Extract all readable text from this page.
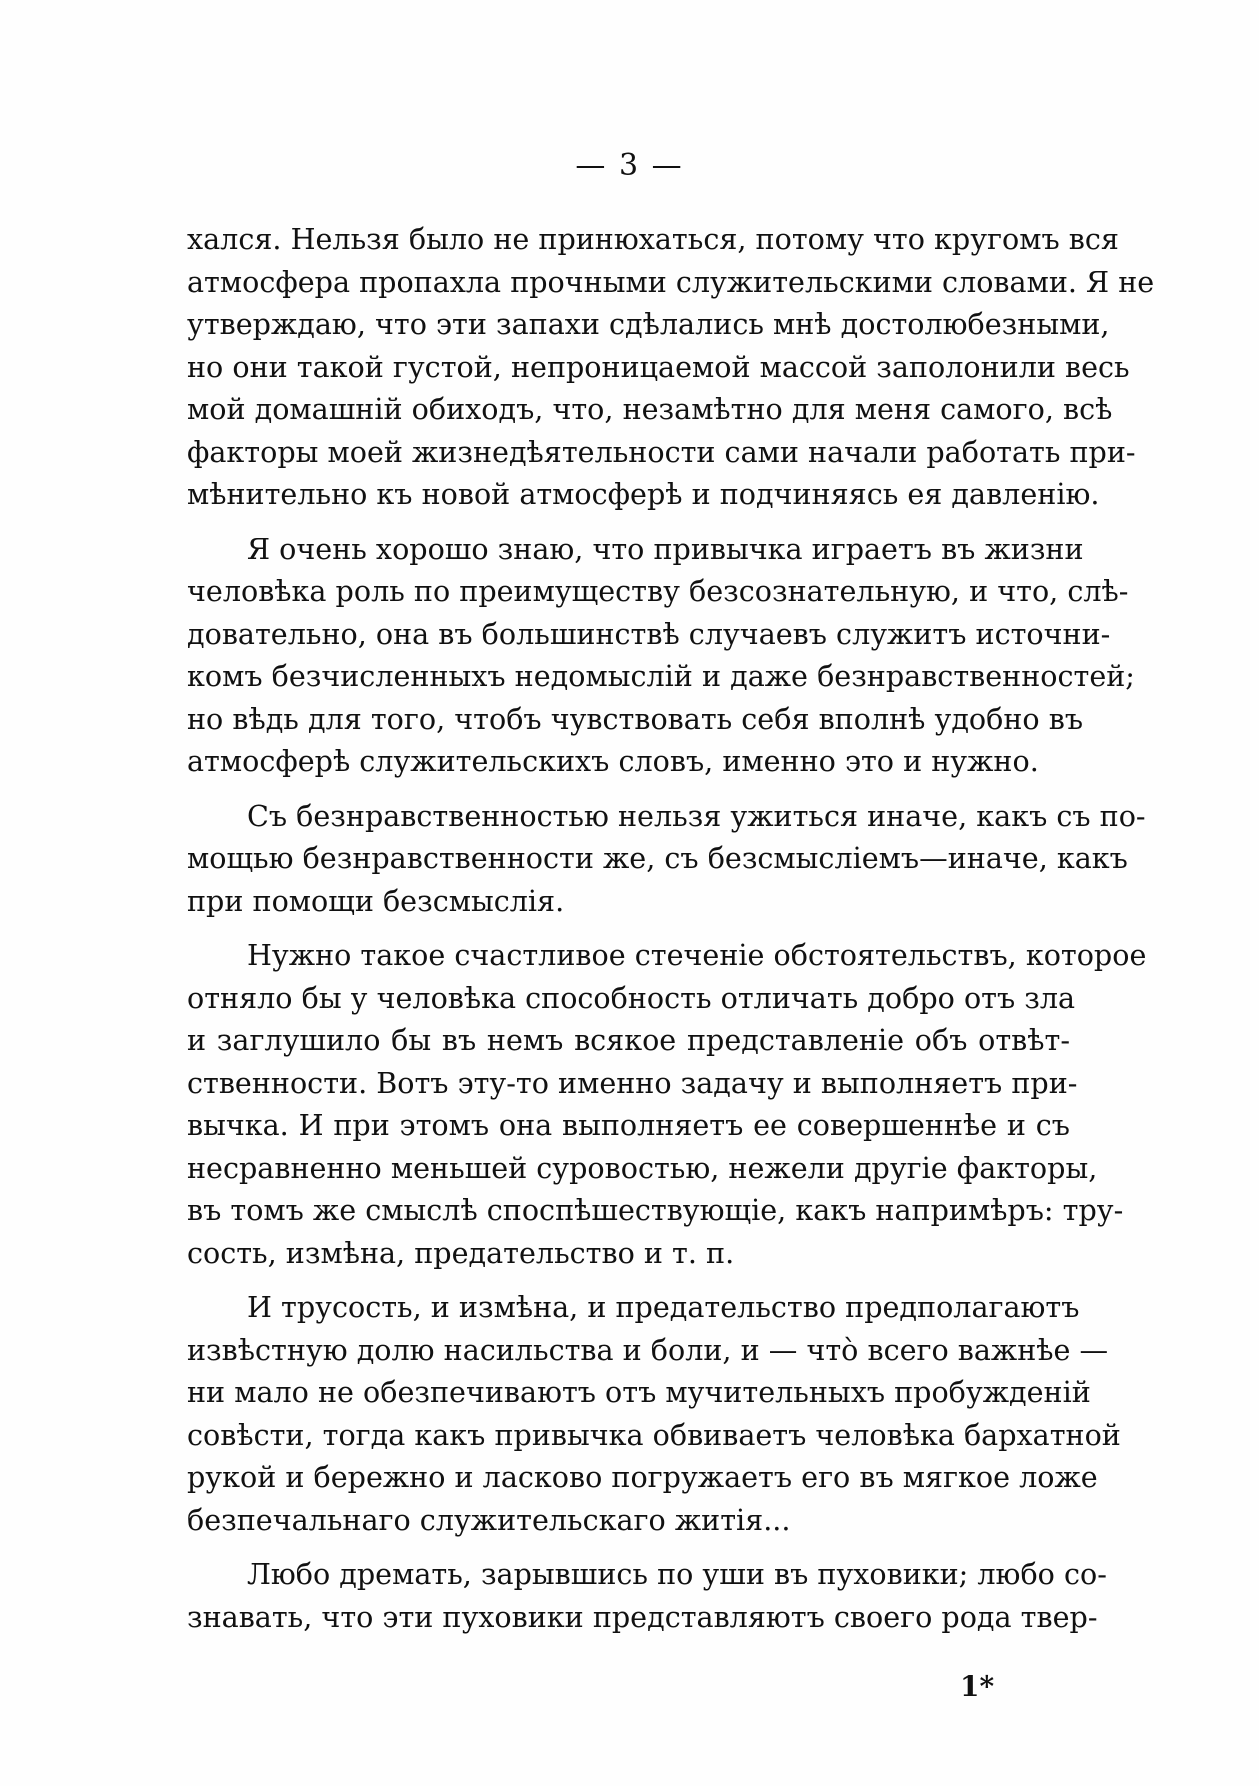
— 3 —
хался. Нельзя было не принюхаться, потому что кругомъ вся
атмосфера пропахла прочными служительскими словами. Я не
утверждаю, что эти запахи сдѣлались мнѣ достолюбезными,
но они такой густой, непроницаемой массой заполонили весь
мой домашній обиходъ, что, незамѣтно для меня самого, всѣ
факторы моей жизнедѣятельности сами начали работать при-
мѣнительно къ новой атмосферѣ и подчиняясь ея давленію.
Я очень хорошо знаю, что привычка играетъ въ жизни
человѣка роль по преимуществу безсознательную, и что, слѣ-
довательно, она въ большинствѣ случаевъ служитъ источни-
комъ безчисленныхъ недомыслій и даже безнравственностей;
но вѣдь для того, чтобъ чувствовать себя вполнѣ удобно въ
атмосферѣ служительскихъ словъ, именно это и нужно.
Съ безнравственностью нельзя ужиться иначе, какъ съ по-
мощью безнравственности же, съ безсмысліемъ—иначе, какъ
при помощи безсмыслія.
Нужно такое счастливое стеченіе обстоятельствъ, которое
отняло бы у человѣка способность отличать добро отъ зла
и заглушило бы въ немъ всякое представленіе объ отвѣт-
ственности. Вотъ эту-то именно задачу и выполняетъ при-
вычка. И при этомъ она выполняетъ ее совершеннѣе и съ
несравненно меньшей суровостью, нежели другіе факторы,
въ томъ же смыслѣ споспѣшествующіе, какъ напримѣръ: тру-
сость, измѣна, предательство и т. п.
И трусость, и измѣна, и предательство предполагаютъ
извѣстную долю насильства и боли, и — что̀ всего важнѣе —
ни мало не обезпечиваютъ отъ мучительныхъ пробужденій
совѣсти, тогда какъ привычка обвиваетъ человѣка бархатной
рукой и бережно и ласково погружаетъ его въ мягкое ложе
безпечальнаго служительскаго житія...
Любо дремать, зарывшись по уши въ пуховики; любо со-
знавать, что эти пуховики представляютъ своего рода твер-
1*
